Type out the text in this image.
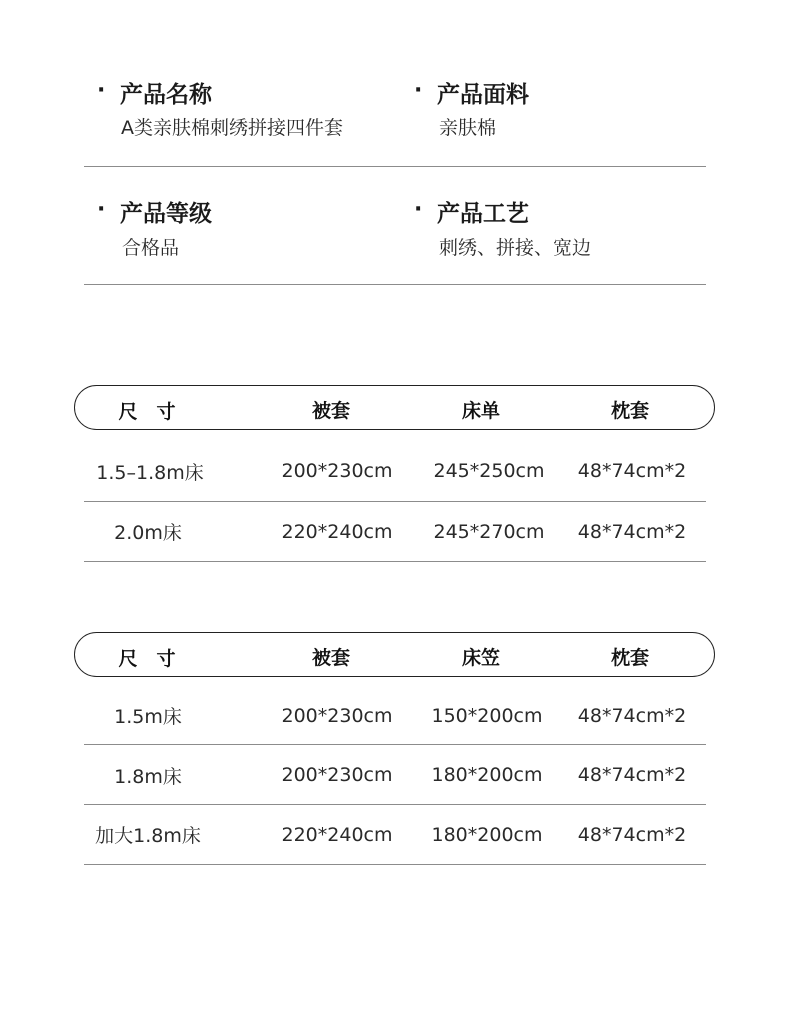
· 产品名称
A类亲肤棉刺绣拼接四件套
· 产品面料
亲肤棉
· 产品等级
合格品
· 产品工艺
刺绣、拼接、宽边
尺　寸	被套	床单	枕套
1.5–1.8m床	200*230cm 245*250cm 48*74cm*2
2.0m床	220*240cm 245*270cm 48*74cm*2
尺　寸	被套	床笠	枕套
1.5m床	200*230cm 150*200cm 48*74cm*2
1.8m床	200*230cm 180*200cm 48*74cm*2
加大1.8m床	220*240cm 180*200cm 48*74cm*2
